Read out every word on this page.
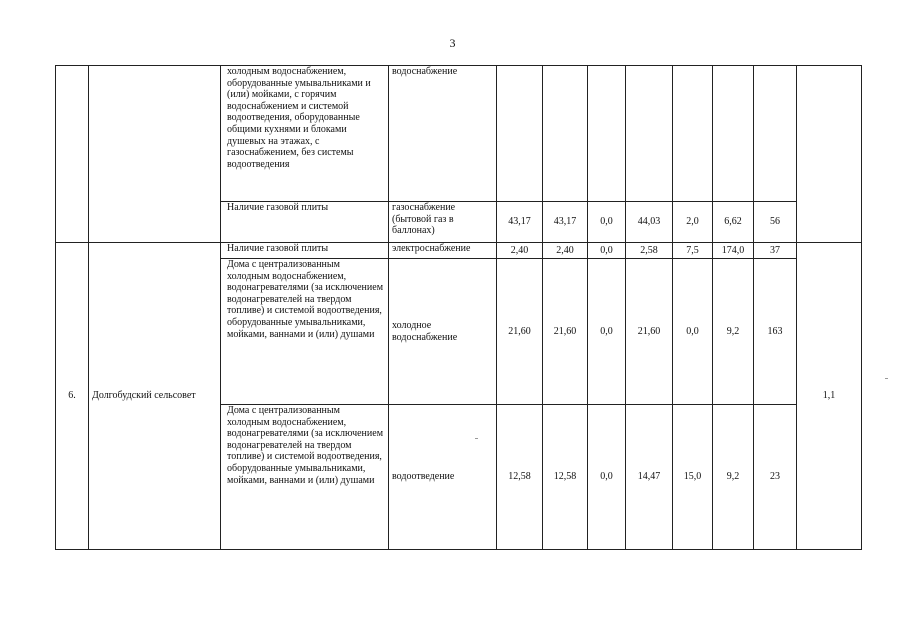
3
		холодным водоснабжением, оборудованные умывальниками и (или) мойками, с горячим водоснабжением и системой водоотведения, оборудованные общими кухнями и блоками душевых на этажах, с газоснабжением, без системы водоотведения	водоснабжение								
		Наличие газовой плиты	газоснабжение (бытовой газ в баллонах)	43,17	43,17	0,0	44,03	2,0	6,62	56	
6.	Долгобудский сельсовет	Наличие газовой плиты	электроснабжение	2,40	2,40	0,0	2,58	7,5	174,0	37	1,1
		Дома с централизованным холодным водоснабжением, водонагревателями (за исключением водонагревателей на твердом топливе) и системой водоотведения, оборудованные умывальниками, мойками, ваннами и (или) душами	холодное водоснабжение	21,60	21,60	0,0	21,60	0,0	9,2	163	
		Дома с централизованным холодным водоснабжением, водонагревателями (за исключением водонагревателей на твердом топливе) и системой водоотведения, оборудованные умывальниками, мойками, ваннами и (или) душами	водоотведение	12,58	12,58	0,0	14,47	15,0	9,2	23	
